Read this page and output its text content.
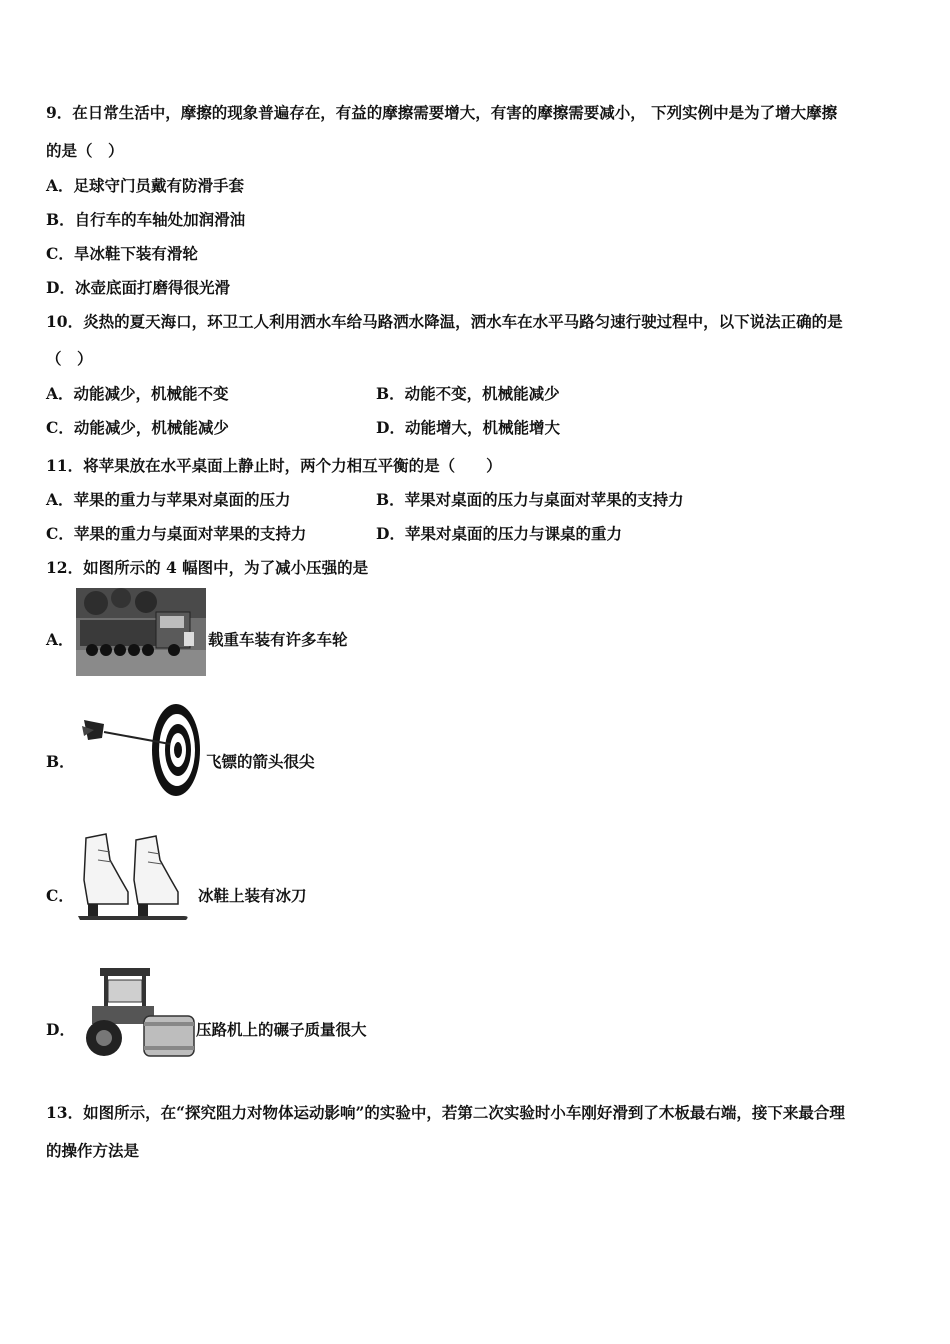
9．在日常生活中，摩擦的现象普遍存在，有益的摩擦需要增大，有害的摩擦需要减小， 下列实例中是为了增大摩擦
的是（　）
A．足球守门员戴有防滑手套
B．自行车的车轴处加润滑油
C．旱冰鞋下装有滑轮
D．冰壶底面打磨得很光滑
10．炎热的夏天海口，环卫工人利用洒水车给马路洒水降温，洒水车在水平马路匀速行驶过程中，以下说法正确的是
（　）
A．动能减少，机械能不变	B．动能不变，机械能减少
C．动能减少，机械能减少	D．动能增大，机械能增大
11．将苹果放在水平桌面上静止时，两个力相互平衡的是（　　）
A．苹果的重力与苹果对桌面的压力	B．苹果对桌面的压力与桌面对苹果的支持力
C．苹果的重力与桌面对苹果的支持力	D．苹果对桌面的压力与课桌的重力
12．如图所示的 4 幅图中，为了减小压强的是
A．	载重车装有许多车轮
B．	飞镖的箭头很尖
C．	冰鞋上装有冰刀
D．	压路机上的碾子质量很大
13．如图所示，在“探究阻力对物体运动影响”的实验中，若第二次实验时小车刚好滑到了木板最右端，接下来最合理
的操作方法是
